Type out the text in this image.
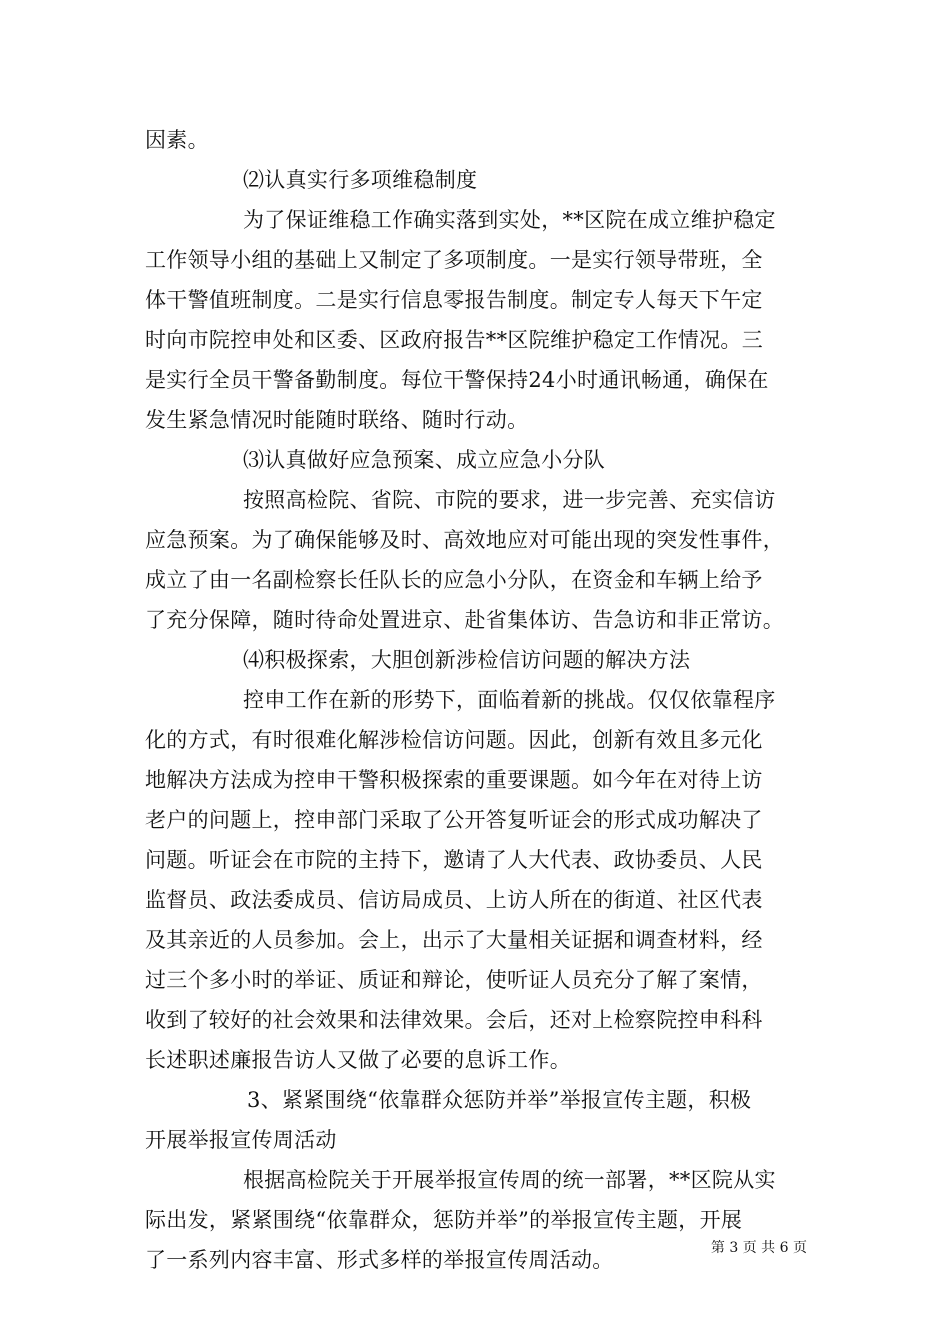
因素。
⑵认真实行多项维稳制度
为了保证维稳工作确实落到实处，**区院在成立维护稳定
工作领导小组的基础上又制定了多项制度。一是实行领导带班，全
体干警值班制度。二是实行信息零报告制度。制定专人每天下午定
时向市院控申处和区委、区政府报告**区院维护稳定工作情况。三
是实行全员干警备勤制度。每位干警保持24小时通讯畅通，确保在
发生紧急情况时能随时联络、随时行动。
⑶认真做好应急预案、成立应急小分队
按照高检院、省院、市院的要求，进一步完善、充实信访
应急预案。为了确保能够及时、高效地应对可能出现的突发性事件，
成立了由一名副检察长任队长的应急小分队，在资金和车辆上给予
了充分保障，随时待命处置进京、赴省集体访、告急访和非正常访。
⑷积极探索，大胆创新涉检信访问题的解决方法
控申工作在新的形势下，面临着新的挑战。仅仅依靠程序
化的方式，有时很难化解涉检信访问题。因此，创新有效且多元化
地解决方法成为控申干警积极探索的重要课题。如今年在对待上访
老户的问题上，控申部门采取了公开答复听证会的形式成功解决了
问题。听证会在市院的主持下，邀请了人大代表、政协委员、人民
监督员、政法委成员、信访局成员、上访人所在的街道、社区代表
及其亲近的人员参加。会上，出示了大量相关证据和调查材料，经
过三个多小时的举证、质证和辩论，使听证人员充分了解了案情，
收到了较好的社会效果和法律效果。会后，还对上检察院控申科科
长述职述廉报告访人又做了必要的息诉工作。
3、紧紧围绕“依靠群众惩防并举”举报宣传主题，积极
开展举报宣传周活动
根据高检院关于开展举报宣传周的统一部署，**区院从实
际出发，紧紧围绕“依靠群众，惩防并举”的举报宣传主题，开展
了一系列内容丰富、形式多样的举报宣传周活动。	第 3 页 共 6 页
